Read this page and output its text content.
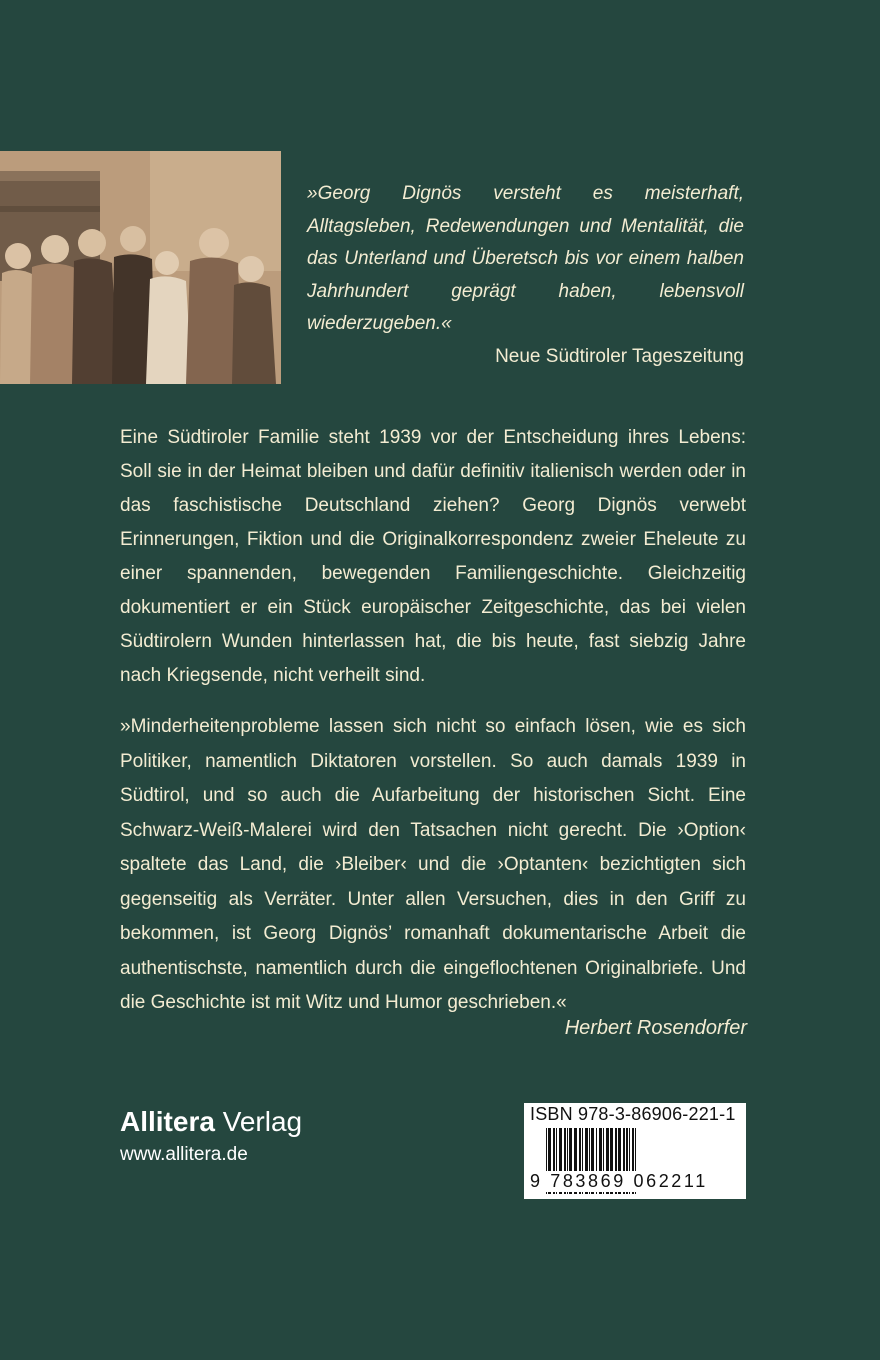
»Georg Dignös versteht es meisterhaft, Alltagsleben, Redewendungen und Mentalität, die das Unterland und Überetsch bis vor einem halben Jahrhundert geprägt haben, lebensvoll wiederzugeben.«

Neue Südtiroler Tageszeitung

Eine Südtiroler Familie steht 1939 vor der Entscheidung ihres Lebens: Soll sie in der Heimat bleiben und dafür definitiv italienisch werden oder in das faschistische Deutschland ziehen? Georg Dignös verwebt Erinnerungen, Fiktion und die Originalkorrespondenz zweier Eheleute zu einer spannenden, bewegenden Familiengeschichte. Gleichzeitig dokumentiert er ein Stück europäischer Zeitgeschichte, das bei vielen Südtirolern Wunden hinterlassen hat, die bis heute, fast siebzig Jahre nach Kriegsende, nicht verheilt sind.

»Minderheitenprobleme lassen sich nicht so einfach lösen, wie es sich Politiker, namentlich Diktatoren vorstellen. So auch damals 1939 in Südtirol, und so auch die Aufarbeitung der historischen Sicht. Eine Schwarz-Weiß-Malerei wird den Tatsachen nicht gerecht. Die ›Option‹ spaltete das Land, die ›Bleiber‹ und die ›Optanten‹ bezichtigten sich gegenseitig als Verräter. Unter allen Versuchen, dies in den Griff zu bekommen, ist Georg Dignös’ romanhaft dokumentarische Arbeit die authentischste, namentlich durch die eingeflochtenen Originalbriefe. Und die Geschichte ist mit Witz und Humor geschrieben.«

Herbert Rosendorfer

Allitera Verlag

www.allitera.de

ISBN 978-3-86906-221-1
9 783869 062211
